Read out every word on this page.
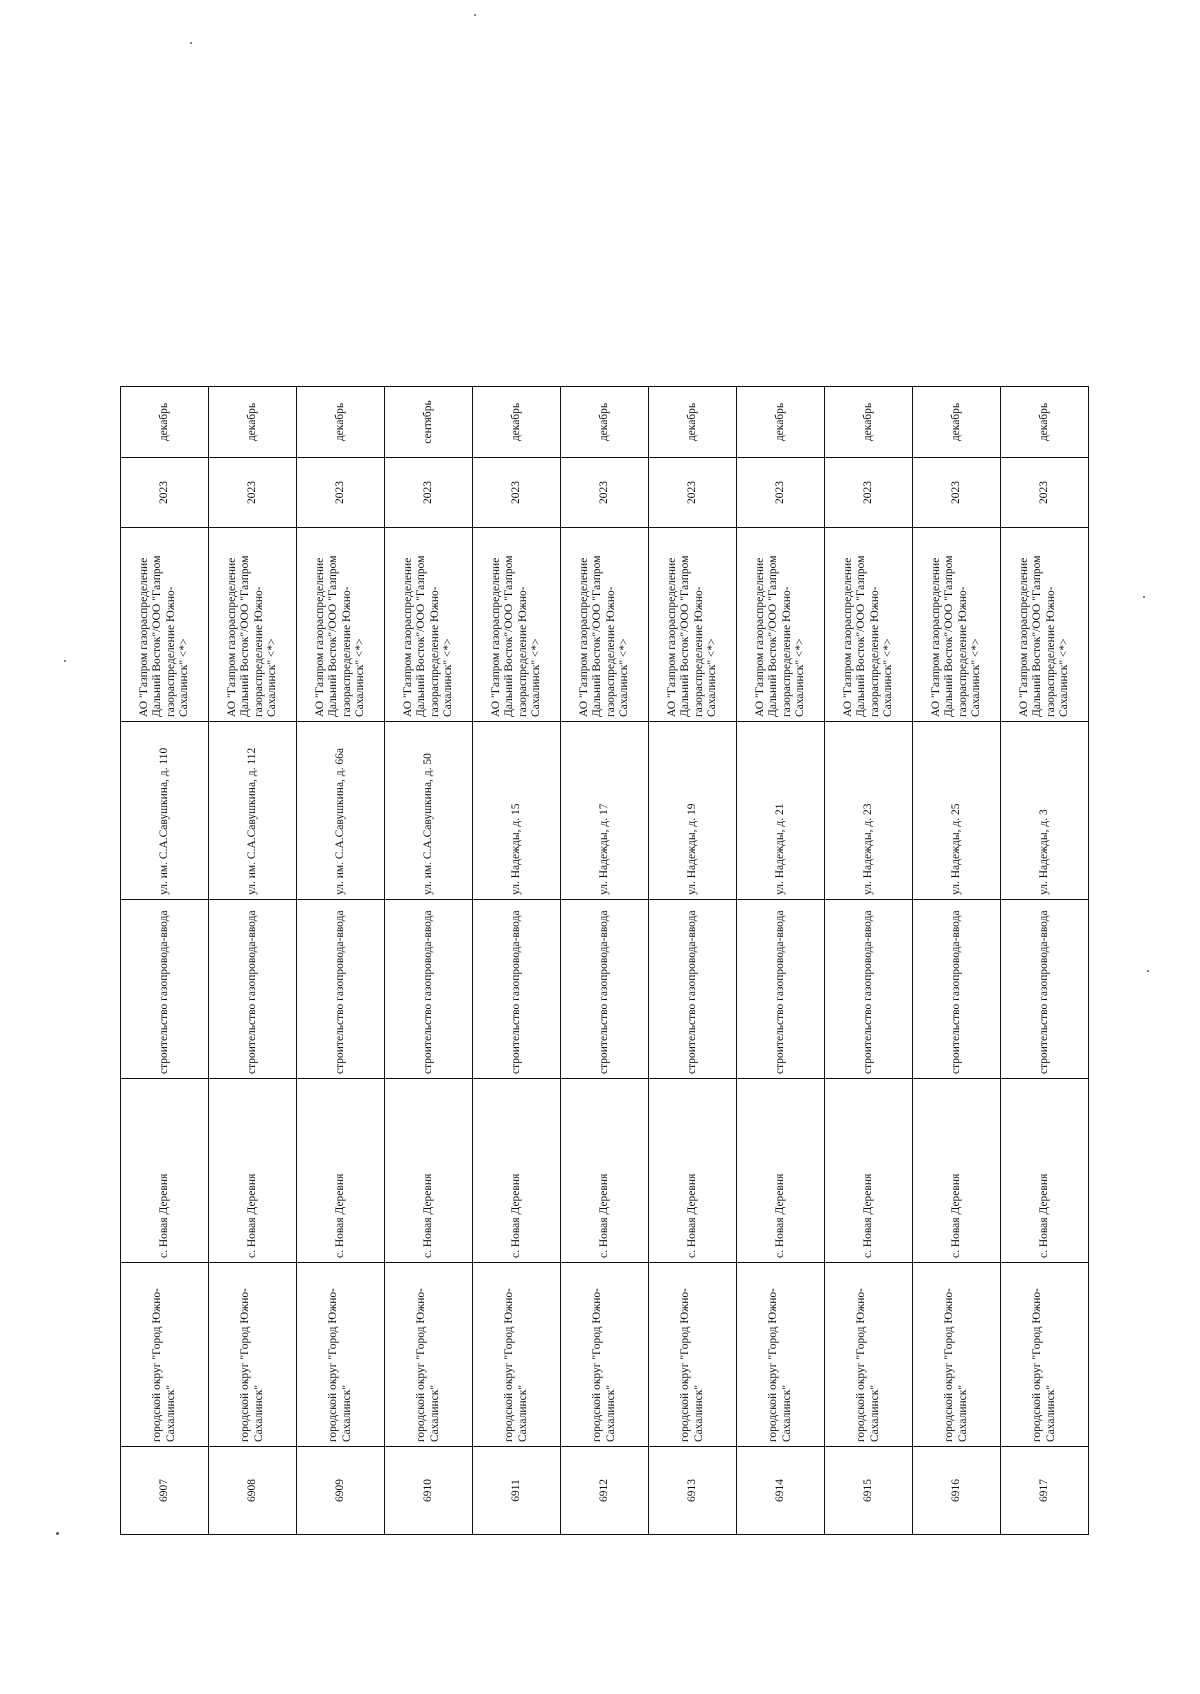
6907	городской округ "Город Южно-Сахалинск"	с. Новая Деревня	строительство газопровода-ввода	ул. им. С.А.Савушкина, д. 110	АО "Газпром газораспределение Дальний Восток"/ООО "Газпром газораспределение Южно-Сахалинск" <*>	2023	декабрь
6908	городской округ "Город Южно-Сахалинск"	с. Новая Деревня	строительство газопровода-ввода	ул. им. С.А.Савушкина, д. 112	АО "Газпром газораспределение Дальний Восток"/ООО "Газпром газораспределение Южно-Сахалинск" <*>	2023	декабрь
6909	городской округ "Город Южно-Сахалинск"	с. Новая Деревня	строительство газопровода-ввода	ул. им. С.А.Савушкина, д. 66а	АО "Газпром газораспределение Дальний Восток"/ООО "Газпром газораспределение Южно-Сахалинск" <*>	2023	декабрь
6910	городской округ "Город Южно-Сахалинск"	с. Новая Деревня	строительство газопровода-ввода	ул. им. С.А.Савушкина, д. 50	АО "Газпром газораспределение Дальний Восток"/ООО "Газпром газораспределение Южно-Сахалинск" <*>	2023	сентябрь
6911	городской округ "Город Южно-Сахалинск"	с. Новая Деревня	строительство газопровода-ввода	ул. Надежды, д. 15	АО "Газпром газораспределение Дальний Восток"/ООО "Газпром газораспределение Южно-Сахалинск" <*>	2023	декабрь
6912	городской округ "Город Южно-Сахалинск"	с. Новая Деревня	строительство газопровода-ввода	ул. Надежды, д. 17	АО "Газпром газораспределение Дальний Восток"/ООО "Газпром газораспределение Южно-Сахалинск" <*>	2023	декабрь
6913	городской округ "Город Южно-Сахалинск"	с. Новая Деревня	строительство газопровода-ввода	ул. Надежды, д. 19	АО "Газпром газораспределение Дальний Восток"/ООО "Газпром газораспределение Южно-Сахалинск" <*>	2023	декабрь
6914	городской округ "Город Южно-Сахалинск"	с. Новая Деревня	строительство газопровода-ввода	ул. Надежды, д. 21	АО "Газпром газораспределение Дальний Восток"/ООО "Газпром газораспределение Южно-Сахалинск" <*>	2023	декабрь
6915	городской округ "Город Южно-Сахалинск"	с. Новая Деревня	строительство газопровода-ввода	ул. Надежды, д. 23	АО "Газпром газораспределение Дальний Восток"/ООО "Газпром газораспределение Южно-Сахалинск" <*>	2023	декабрь
6916	городской округ "Город Южно-Сахалинск"	с. Новая Деревня	строительство газопровода-ввода	ул. Надежды, д. 25	АО "Газпром газораспределение Дальний Восток"/ООО "Газпром газораспределение Южно-Сахалинск" <*>	2023	декабрь
6917	городской округ "Город Южно-Сахалинск"	с. Новая Деревня	строительство газопровода-ввода	ул. Надежды, д. 3	АО "Газпром газораспределение Дальний Восток"/ООО "Газпром газораспределение Южно-Сахалинск" <*>	2023	декабрь
